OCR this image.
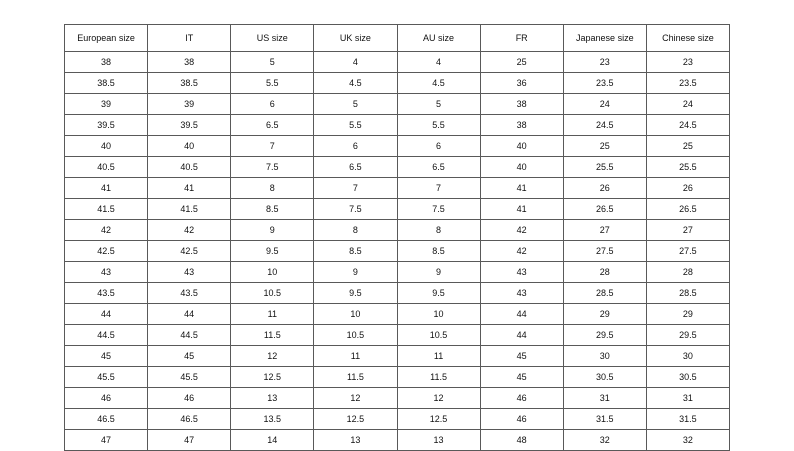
European size	IT	US size	UK size	AU size	FR	Japanese size	Chinese size
38	38	5	4	4	25	23	23
38.5	38.5	5.5	4.5	4.5	36	23.5	23.5
39	39	6	5	5	38	24	24
39.5	39.5	6.5	5.5	5.5	38	24.5	24.5
40	40	7	6	6	40	25	25
40.5	40.5	7.5	6.5	6.5	40	25.5	25.5
41	41	8	7	7	41	26	26
41.5	41.5	8.5	7.5	7.5	41	26.5	26.5
42	42	9	8	8	42	27	27
42.5	42.5	9.5	8.5	8.5	42	27.5	27.5
43	43	10	9	9	43	28	28
43.5	43.5	10.5	9.5	9.5	43	28.5	28.5
44	44	11	10	10	44	29	29
44.5	44.5	11.5	10.5	10.5	44	29.5	29.5
45	45	12	11	11	45	30	30
45.5	45.5	12.5	11.5	11.5	45	30.5	30.5
46	46	13	12	12	46	31	31
46.5	46.5	13.5	12.5	12.5	46	31.5	31.5
47	47	14	13	13	48	32	32
